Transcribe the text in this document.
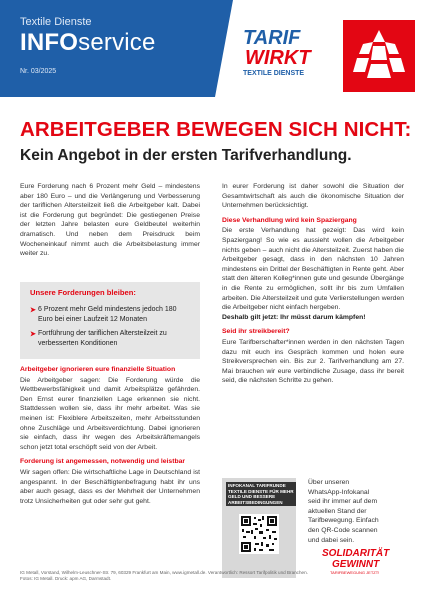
Textile Dienste
INFOservice
Nr. 03/2025
TARIF
WIRKT
TEXTILE DIENSTE
ARBEITGEBER BEWEGEN SICH NICHT:
Kein Angebot in der ersten Tarifverhandlung.

Eure Forderung nach 6 Prozent mehr Geld – mindestens aber 180 Euro – und die Verlängerung und Verbesserung der tariflichen Altersteilzeit ließ die Arbeitgeber kalt. Dabei ist die Forderung gut begründet: Die gestiegenen Preise der letzten Jahre belasten eure Geldbeutel weiterhin dramatisch. Und neben dem Preisdruck beim Wocheneinkauf nimmt auch die Arbeitsbelastung immer weiter zu.

Unsere Forderungen bleiben:
➤ 6 Prozent mehr Geld mindestens jedoch 180 Euro bei einer Laufzeit 12 Monaten
➤ Fortführung der tariflichen Altersteilzeit zu verbesserten Konditionen
Arbeitgeber ignorieren eure finanzielle Situation

Die Arbeitgeber sagen: Die Forderung würde die Wettbewerbsfähigkeit und damit Arbeitsplätze gefährden. Den Ernst eurer finanziellen Lage erkennen sie nicht. Stattdessen wollen sie, dass ihr mehr arbeitet. Was sie meinen ist: Flexiblere Arbeitszeiten, mehr Arbeitsstunden ohne Zuschläge und Arbeitsverdichtung. Dabei ignorieren sie einfach, dass ihr wegen des Arbeitskräftemangels schon jetzt total erschöpft seid von der Arbeit.

Forderung ist angemessen, notwendig und leistbar

Wir sagen offen: Die wirtschaftliche Lage in Deutschland ist angespannt. In der Beschäftigtenbefragung habt ihr uns aber auch gesagt, dass es der Mehrheit der Unternehmen trotz Unsicherheiten gut oder sehr gut geht.

In eurer Forderung ist daher sowohl die Situation der Gesamtwirtschaft als auch die ökonomische Situation der Unternehmen berücksichtigt.

Diese Verhandlung wird kein Spaziergang

Die erste Verhandlung hat gezeigt: Das wird kein Spaziergang! So wie es aussieht wollen die Arbeitgeber nichts geben – auch nicht die Altersteilzeit. Zuerst haben die Arbeitgeber gesagt, dass in den nächsten 10 Jahren mindestens ein Drittel der Beschäftigten in Rente geht. Aber statt den älteren Kolleg*innen gute und gesunde Übergänge in die Rente zu ermöglichen, sollt ihr bis zum Umfallen arbeiten. Die Altersteilzeit und gute Verlierstellungen werden die Arbeitgeber nicht einfach hergeben.

Deshalb gilt jetzt: Ihr müsst darum kämpfen!

Seid ihr streikbereit?

Eure Tarifberschafter*innen werden in den nächsten Tagen dazu mit euch ins Gespräch kommen und holen eure Streikversprechen ein. Bis zur 2. Tarifverhandlung am 27. Mai brauchen wir eure verbindliche Zusage, dass ihr bereit seid, die nächsten Schritte zu gehen.

INFOKANAL TARIFRUNDE TEXTILE DIENSTE FÜR MEHR GELD UND BESSERE ARBEITSBEDINGUNGEN
Über unseren WhatsApp-Infokanal seid ihr immer auf dem aktuellen Stand der Tarifbewegung. Einfach den QR-Code scannen und dabei sein.
SOLIDARITÄT
GEWINNT
TARIFBEWEGUNG JETZT!
IG Metall, Vorstand, Wilhelm-Leuschner-Str. 79, 60329 Frankfurt am Main, www.igmetall.de. Verantwortlich: Ressort Tarifpolitik und Branchen. Fotos: IG Metall. Druck: apm AG, Darmstadt.
